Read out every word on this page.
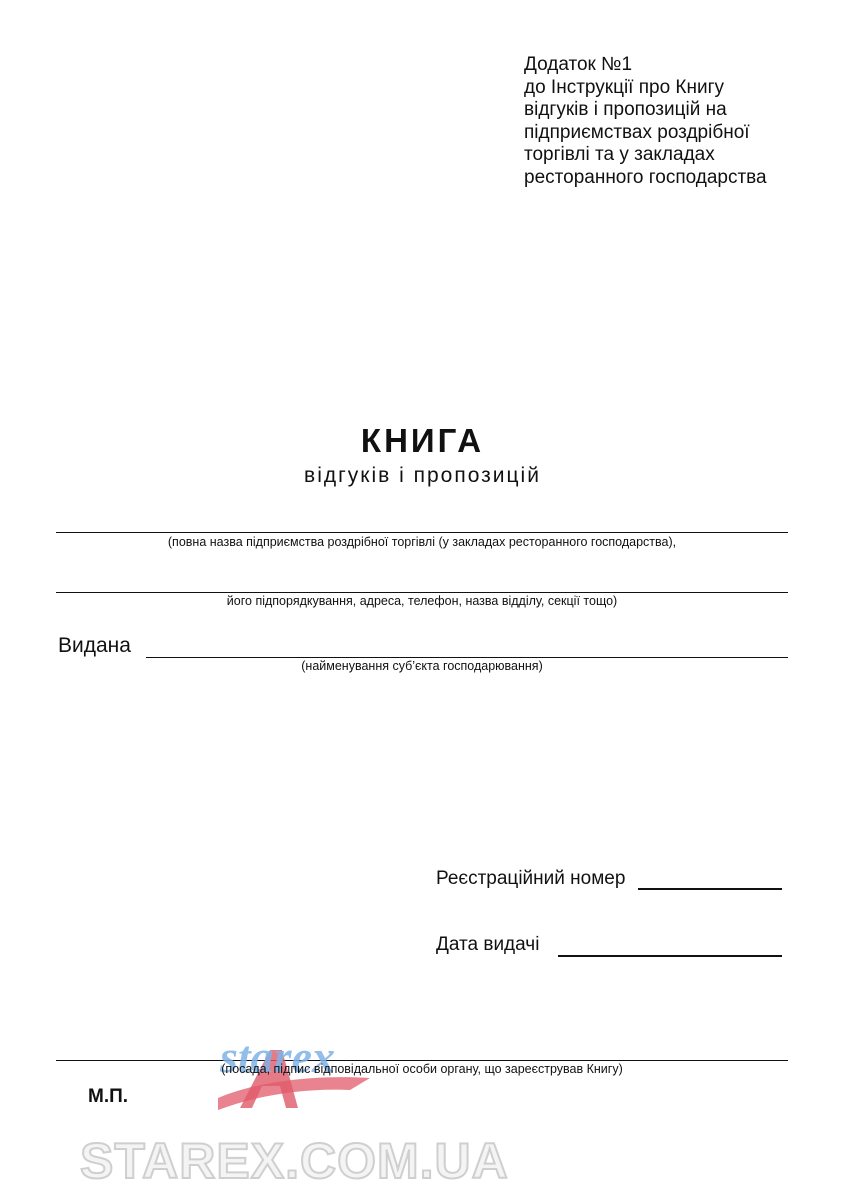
Додаток №1
до Інструкції про Книгу
відгуків і пропозицій на
підприємствах роздрібної
торгівлі та у закладах
ресторанного господарства
КНИГА
відгуків і пропозицій
(повна назва підприємства роздрібної торгівлі (у закладах ресторанного господарства),
його підпорядкування, адреса, телефон, назва відділу, секції тощо)
Видана
(найменування суб’єкта господарювання)
Реєстраційний номер
Дата видачі
starex
(посада, підпис відповідальної особи органу, що зареєстрував Книгу)
М.П.
STAREX.COM.UA
